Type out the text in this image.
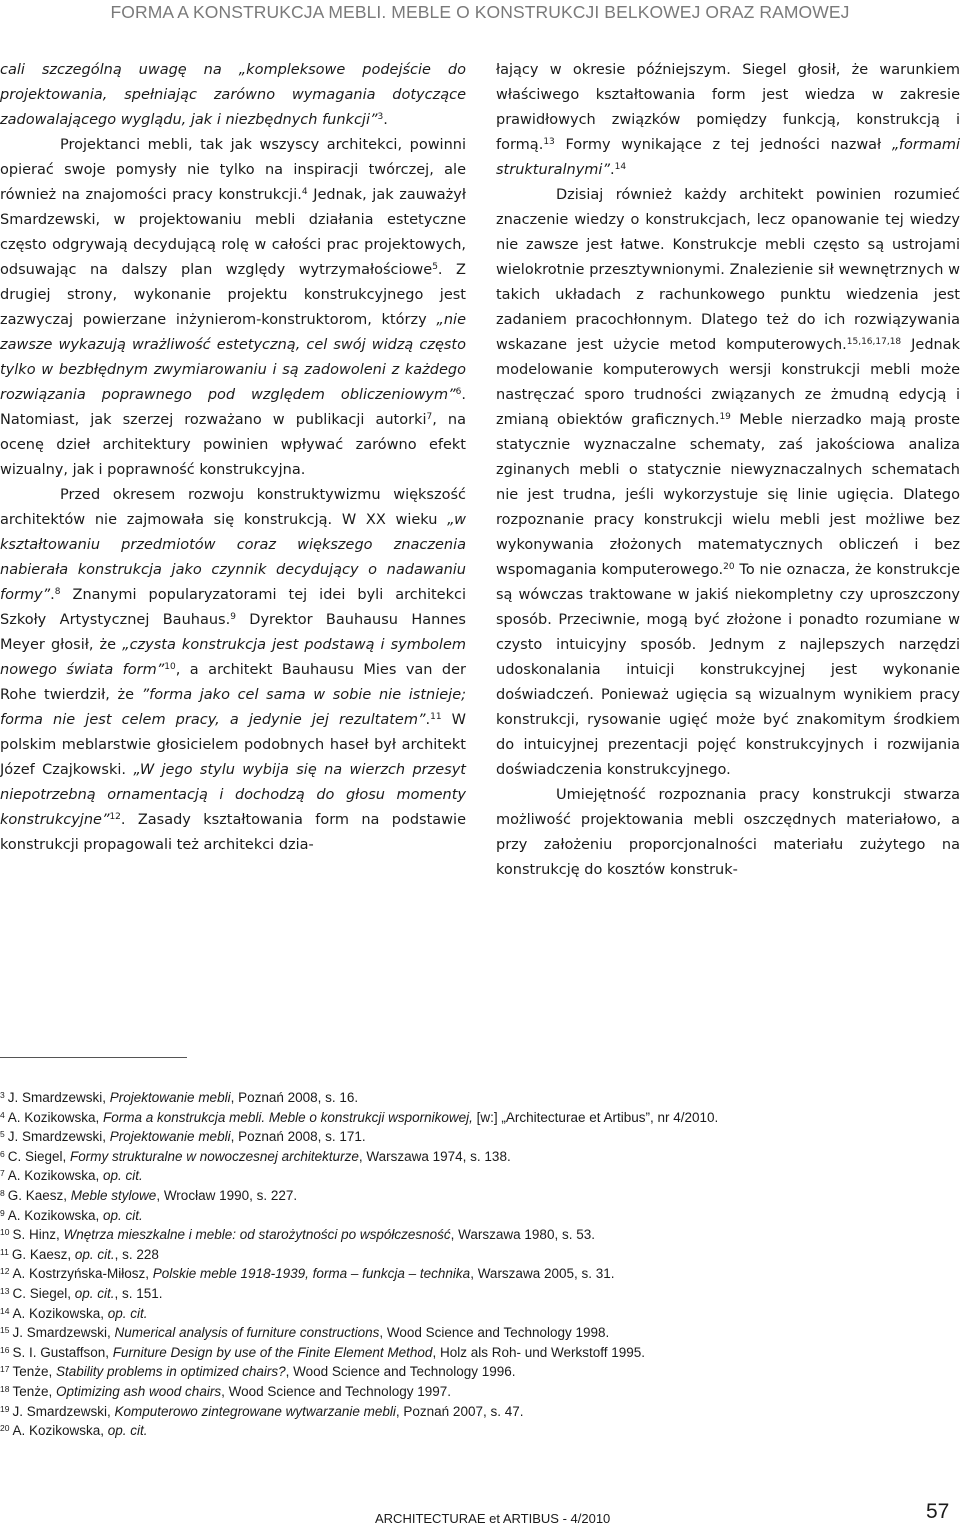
FORMA A KONSTRUKCJA MEBLI. MEBLE O KONSTRUKCJI BELKOWEJ ORAZ RAMOWEJ

cali szczególną uwagę na „kompleksowe podejście do projektowania, spełniając zarówno wymagania dotyczące zadowalającego wyglądu, jak i niezbędnych funkcji”$^3$.

Projektanci mebli, tak jak wszyscy architekci, powinni opierać swoje pomysły nie tylko na inspiracji twórczej, ale również na znajomości pracy konstrukcji.$^4$ Jednak, jak zauważył Smardzewski, w projektowaniu mebli działania estetyczne często odgrywają decydującą rolę w całości prac projektowych, odsuwając na dalszy plan względy wytrzymałościowe$^5$. Z drugiej strony, wykonanie projektu konstrukcyjnego jest zazwyczaj powierzane inżynierom-konstruktorom, którzy „nie zawsze wykazują wrażliwość estetyczną, cel swój widzą często tylko w bezbłędnym zwymiarowaniu i są zadowoleni z każdego rozwiązania poprawnego pod względem obliczeniowym”$^6$. Natomiast, jak szerzej rozważano w publikacji autorki$^7$, na ocenę dzieł architektury powinien wpływać zarówno efekt wizualny, jak i poprawność konstrukcyjna.

Przed okresem rozwoju konstruktywizmu większość architektów nie zajmowała się konstrukcją. W XX wieku „w kształtowaniu przedmiotów coraz większego znaczenia nabierała konstrukcja jako czynnik decydujący o nadawaniu formy”.$^8$ Znanymi popularyzatorami tej idei byli architekci Szkoły Artystycznej Bauhaus.$^9$ Dyrektor Bauhausu Hannes Meyer głosił, że „czysta konstrukcja jest podstawą i symbolem nowego świata form”$^{10}$, a architekt Bauhausu Mies van der Rohe twierdził, że ”forma jako cel sama w sobie nie istnieje; forma nie jest celem pracy, a jedynie jej rezultatem”.$^{11}$ W polskim meblarstwie głosicielem podobnych haseł był architekt Józef Czajkowski. „W jego stylu wybija się na wierzch przesyt niepotrzebną ornamentacją i dochodzą do głosu momenty konstrukcyjne”$^{12}$. Zasady kształtowania form na podstawie konstrukcji propagowali też architekci dzia-

łający w okresie późniejszym. Siegel głosił, że warunkiem właściwego kształtowania form jest wiedza w zakresie prawidłowych związków pomiędzy funkcją, konstrukcją i formą.$^{13}$ Formy wynikające z tej jedności nazwał „formami strukturalnymi”.$^{14}$

Dzisiaj również każdy architekt powinien rozumieć znaczenie wiedzy o konstrukcjach, lecz opanowanie tej wiedzy nie zawsze jest łatwe. Konstrukcje mebli często są ustrojami wielokrotnie przesztywnionymi. Znalezienie sił wewnętrznych w takich układach z rachunkowego punktu wiedzenia jest zadaniem pracochłonnym. Dlatego też do ich rozwiązywania wskazane jest użycie metod komputerowych.$^{15,16,17,18}$ Jednak modelowanie komputerowych wersji konstrukcji mebli może nastręczać sporo trudności związanych ze żmudną edycją i zmianą obiektów graficznych.$^{19}$ Meble nierzadko mają proste statycznie wyznaczalne schematy, zaś jakościowa analiza zginanych mebli o statycznie niewyznaczalnych schematach nie jest trudna, jeśli wykorzystuje się linie ugięcia. Dlatego rozpoznanie pracy konstrukcji wielu mebli jest możliwe bez wykonywania złożonych matematycznych obliczeń i bez wspomagania komputerowego.$^{20}$ To nie oznacza, że konstrukcje są wówczas traktowane w jakiś niekompletny czy uproszczony sposób. Przeciwnie, mogą być złożone i ponadto rozumiane w czysto intuicyjny sposób. Jednym z najlepszych narzędzi udoskonalania intuicji konstrukcyjnej jest wykonanie doświadczeń. Ponieważ ugięcia są wizualnym wynikiem pracy konstrukcji, rysowanie ugięć może być znakomitym środkiem do intuicyjnej prezentacji pojęć konstrukcyjnych i rozwijania doświadczenia konstrukcyjnego.

Umiejętność rozpoznania pracy konstrukcji stwarza możliwość projektowania mebli oszczędnych materiałowo, a przy założeniu proporcjonalności materiału zużytego na konstrukcję do kosztów konstruk-

$^3$ J. Smardzewski, Projektowanie mebli, Poznań 2008, s. 16.
$^4$ A. Kozikowska, Forma a konstrukcja mebli. Meble o konstrukcji wspornikowej, [w:] „Architecturae et Artibus”, nr 4/2010.
$^5$ J. Smardzewski, Projektowanie mebli, Poznań 2008, s. 171.
$^6$ C. Siegel, Formy strukturalne w nowoczesnej architekturze, Warszawa 1974, s. 138.
$^7$ A. Kozikowska, op. cit.
$^8$ G. Kaesz, Meble stylowe, Wrocław 1990, s. 227.
$^9$ A. Kozikowska, op. cit.
$^{10}$ S. Hinz, Wnętrza mieszkalne i meble: od starożytności po współczesność, Warszawa 1980, s. 53.
$^{11}$ G. Kaesz, op. cit., s. 228
$^{12}$ A. Kostrzyńska-Miłosz, Polskie meble 1918-1939, forma – funkcja – technika, Warszawa 2005, s. 31.
$^{13}$ C. Siegel, op. cit., s. 151.
$^{14}$ A. Kozikowska, op. cit.
$^{15}$ J. Smardzewski, Numerical analysis of furniture constructions, Wood Science and Technology 1998.
$^{16}$ S. I. Gustaffson, Furniture Design by use of the Finite Element Method, Holz als Roh- und Werkstoff 1995.
$^{17}$ Tenże, Stability problems in optimized chairs?, Wood Science and Technology 1996.
$^{18}$ Tenże, Optimizing ash wood chairs, Wood Science and Technology 1997.
$^{19}$ J. Smardzewski, Komputerowo zintegrowane wytwarzanie mebli, Poznań 2007, s. 47.
$^{20}$ A. Kozikowska, op. cit.
ARCHITECTURAE et ARTIBUS - 4/2010	57
